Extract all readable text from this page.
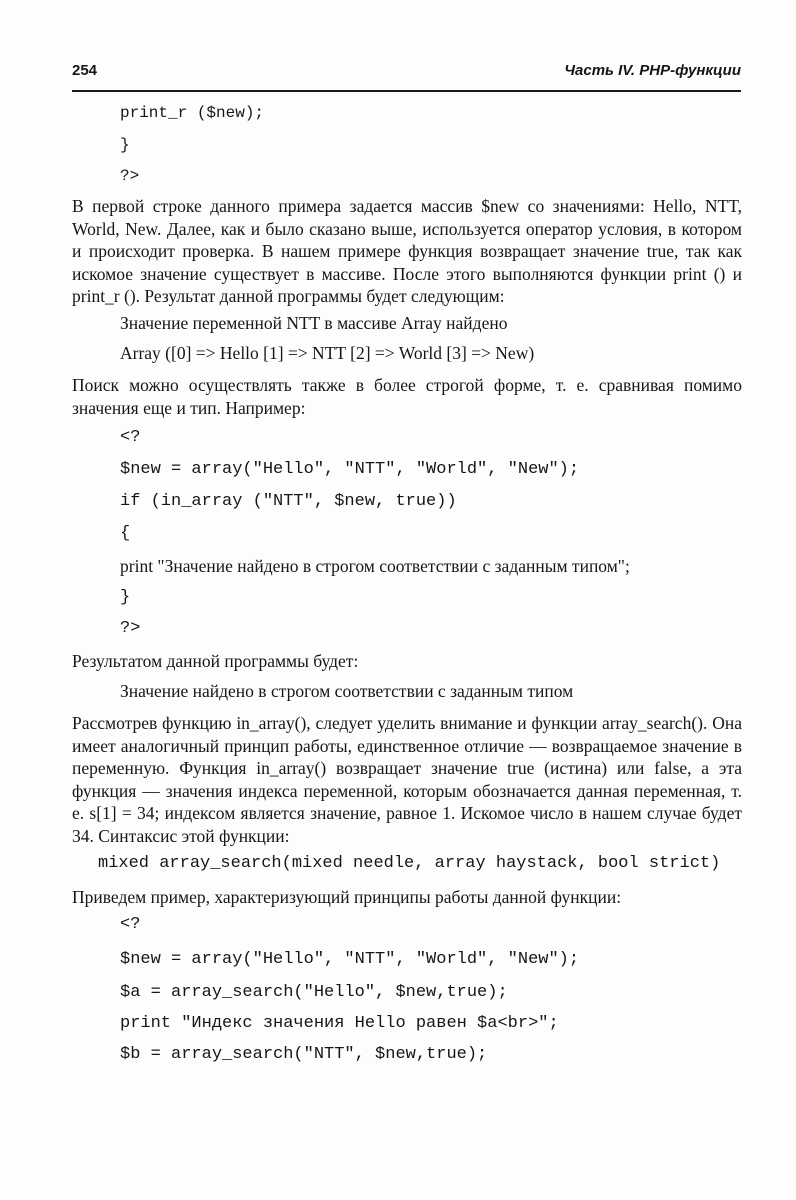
254	Часть IV. PHP-функции
print_r ($new);
}
?>
В первой строке данного примера задается массив $new со значениями: Hello, NTT, World, New. Далее, как и было сказано выше, используется оператор условия, в котором и происходит проверка. В нашем примере функция возвращает значение true, так как искомое значение существует в массиве. После этого выполняются функции print () и print_r (). Результат данной программы будет следующим:
Значение переменной NTT в массиве Array найдено
Array ([0] => Hello [1] => NTT [2] => World [3] => New)
Поиск можно осуществлять также в более строгой форме, т. е. сравнивая помимо значения еще и тип. Например:
<?
$new = array("Hello", "NTT", "World", "New");
if (in_array ("NTT", $new, true))
{
print "Значение найдено в строгом соответствии с заданным типом";
}
?>
Результатом данной программы будет:
Значение найдено в строгом соответствии с заданным типом
Рассмотрев функцию in_array(), следует уделить внимание и функции array_search(). Она имеет аналогичный принцип работы, единственное отличие — возвращаемое значение в переменную. Функция in_array() возвращает значение true (истина) или false, а эта функция — значения индекса переменной, которым обозначается данная переменная, т. е. s[1] = 34; индексом является значение, равное 1. Искомое число в нашем случае будет 34. Синтаксис этой функции:
mixed array_search(mixed needle, array haystack, bool strict)
Приведем пример, характеризующий принципы работы данной функции:
<?
$new = array("Hello", "NTT", "World", "New");
$a = array_search("Hello", $new,true);
print "Индекс значения Hello равен $a<br>";
$b = array_search("NTT", $new,true);
